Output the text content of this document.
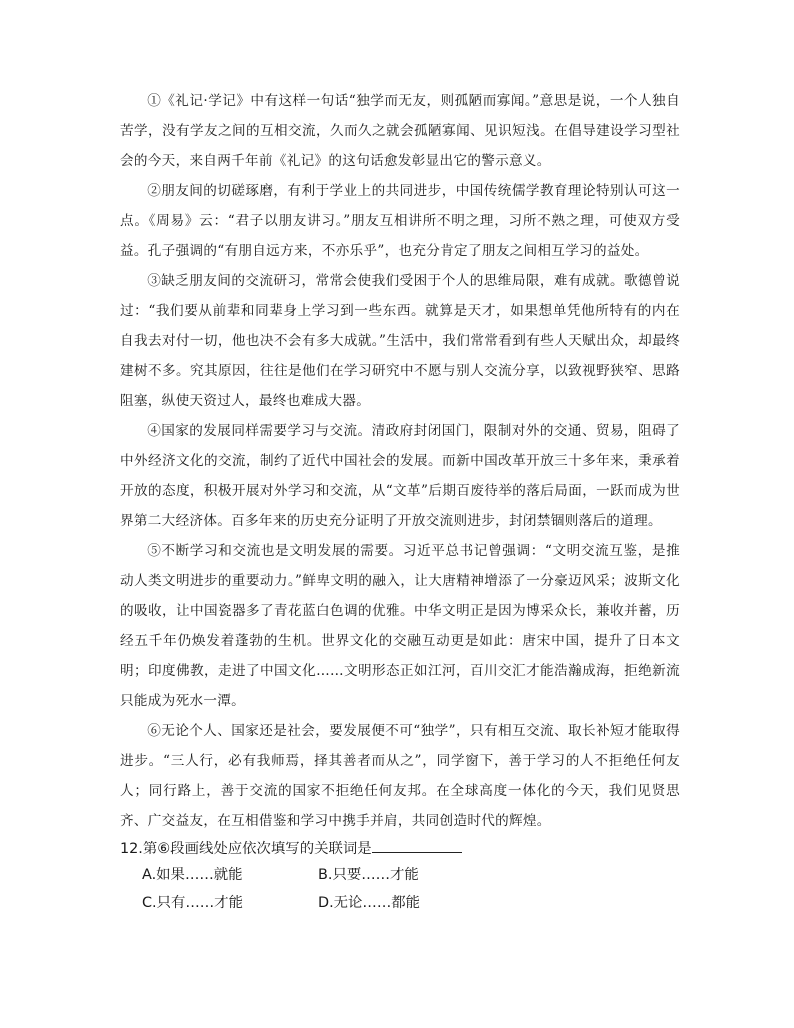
①《礼记·学记》中有这样一句话“独学而无友，则孤陋而寡闻。”意思是说，一个人独自苦学，没有学友之间的互相交流，久而久之就会孤陋寡闻、见识短浅。在倡导建设学习型社会的今天，来自两千年前《礼记》的这句话愈发彰显出它的警示意义。

②朋友间的切磋琢磨，有利于学业上的共同进步，中国传统儒学教育理论特别认可这一点。《周易》云：“君子以朋友讲习。”朋友互相讲所不明之理，习所不熟之理，可使双方受益。孔子强调的“有朋自远方来，不亦乐乎”，也充分肯定了朋友之间相互学习的益处。

③缺乏朋友间的交流研习，常常会使我们受困于个人的思维局限，难有成就。歌德曾说过：“我们要从前辈和同辈身上学习到一些东西。就算是天才，如果想单凭他所特有的内在自我去对付一切，他也决不会有多大成就。”生活中，我们常常看到有些人天赋出众，却最终建树不多。究其原因，往往是他们在学习研究中不愿与别人交流分享，以致视野狭窄、思路阻塞，纵使天资过人，最终也难成大器。

④国家的发展同样需要学习与交流。清政府封闭国门，限制对外的交通、贸易，阻碍了中外经济文化的交流，制约了近代中国社会的发展。而新中国改革开放三十多年来，秉承着开放的态度，积极开展对外学习和交流，从“文革”后期百废待举的落后局面，一跃而成为世界第二大经济体。百多年来的历史充分证明了开放交流则进步，封闭禁锢则落后的道理。

⑤不断学习和交流也是文明发展的需要。习近平总书记曾强调：“文明交流互鉴，是推动人类文明进步的重要动力。”鲜卑文明的融入，让大唐精神增添了一分豪迈风采；波斯文化的吸收，让中国瓷器多了青花蓝白色调的优雅。中华文明正是因为博采众长，兼收并蓄，历经五千年仍焕发着蓬勃的生机。世界文化的交融互动更是如此：唐宋中国，提升了日本文明；印度佛教，走进了中国文化……文明形态正如江河，百川交汇才能浩瀚成海，拒绝新流只能成为死水一潭。

⑥无论个人、国家还是社会，要发展便不可“独学”，只有相互交流、取长补短才能取得进步。“三人行，必有我师焉，择其善者而从之”，同学窗下，善于学习的人不拒绝任何友人；同行路上，善于交流的国家不拒绝任何友邦。在全球高度一体化的今天，我们见贤思齐、广交益友，在互相借鉴和学习中携手并肩，共同创造时代的辉煌。

12.第⑥段画线处应依次填写的关联词是

A.如果……就能	B.只要……才能
C.只有……才能	D.无论……都能
